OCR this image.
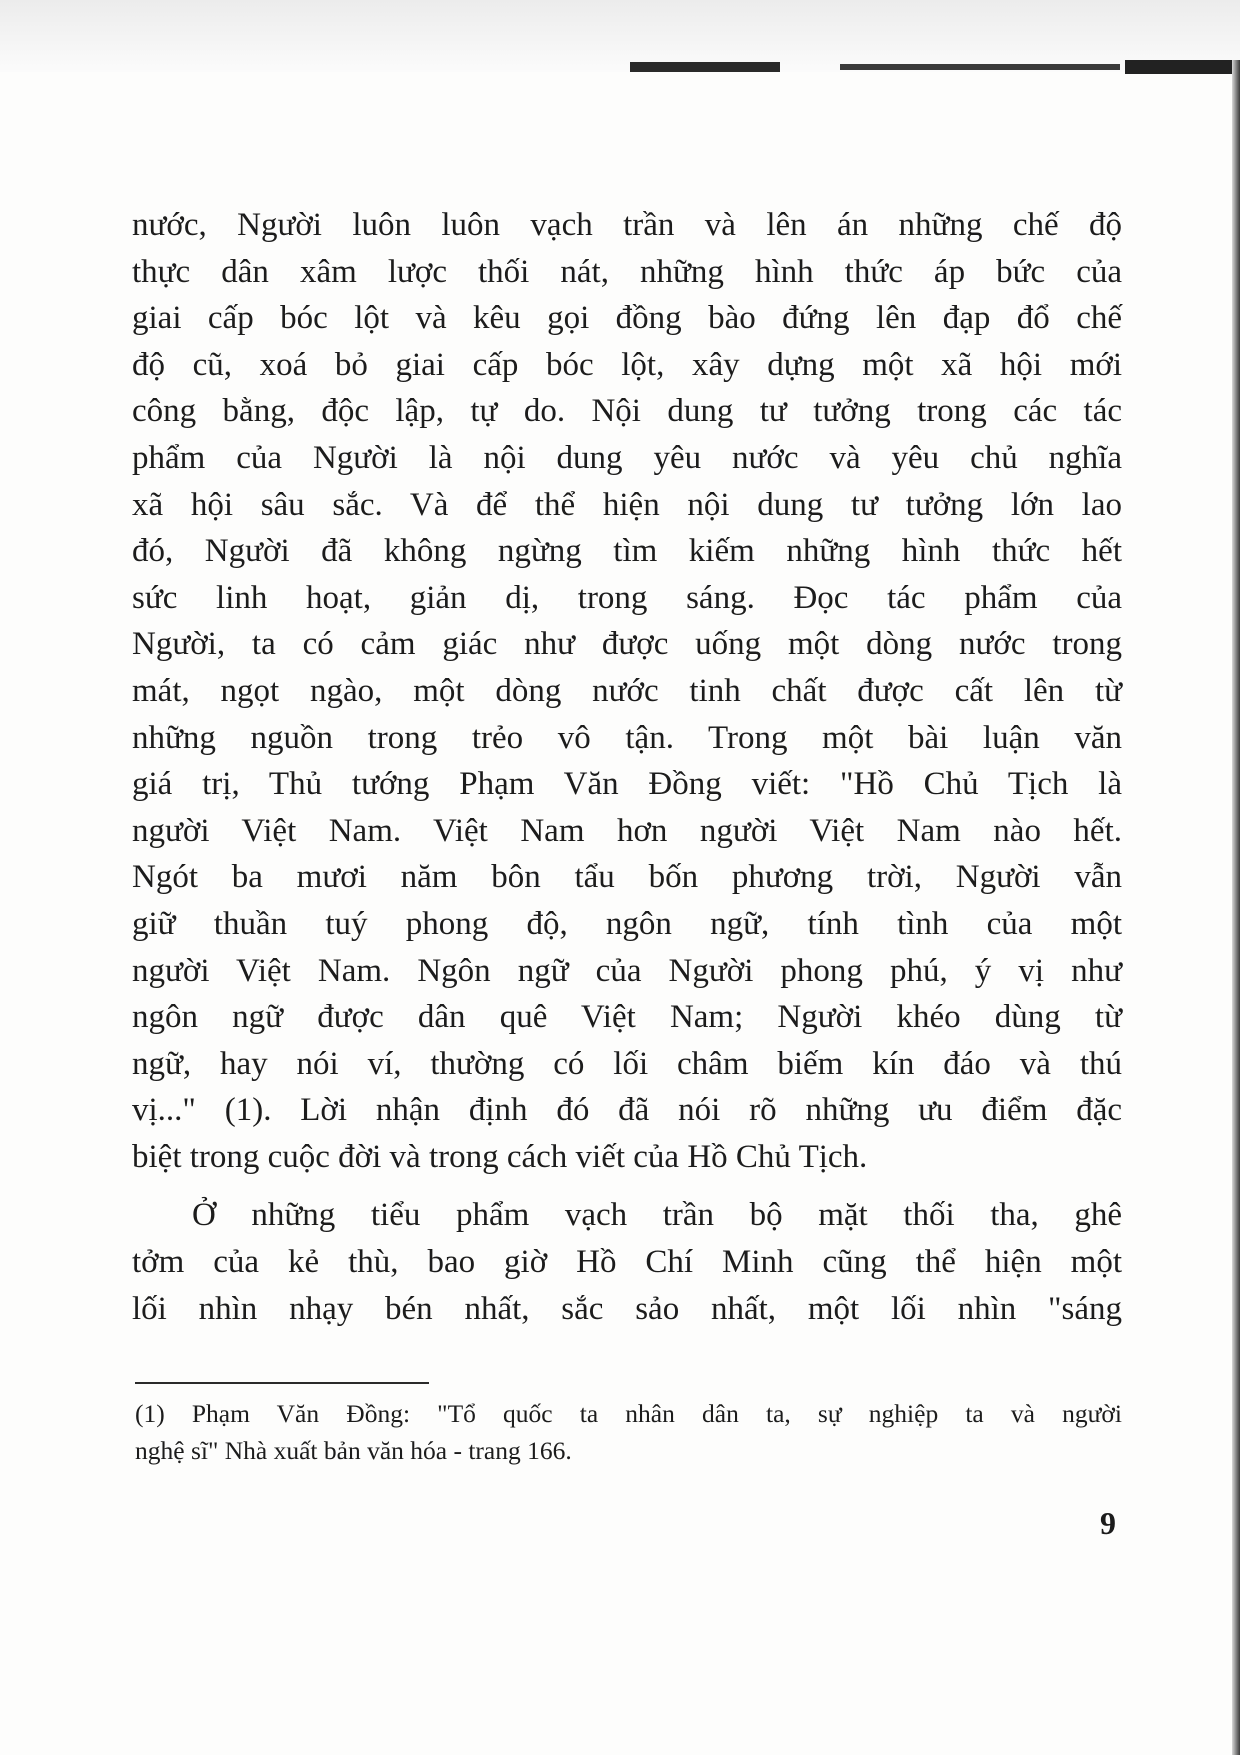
nước, Người luôn luôn vạch trần và lên án những chế độ
thực dân xâm lược thối nát, những hình thức áp bức của
giai cấp bóc lột và kêu gọi đồng bào đứng lên đạp đổ chế
độ cũ, xoá bỏ giai cấp bóc lột, xây dựng một xã hội mới
công bằng, độc lập, tự do. Nội dung tư tưởng trong các tác
phẩm của Người là nội dung yêu nước và yêu chủ nghĩa
xã hội sâu sắc. Và để thể hiện nội dung tư tưởng lớn lao
đó, Người đã không ngừng tìm kiếm những hình thức hết
sức linh hoạt, giản dị, trong sáng. Đọc tác phẩm của
Người, ta có cảm giác như được uống một dòng nước trong
mát, ngọt ngào, một dòng nước tinh chất được cất lên từ
những nguồn trong trẻo vô tận. Trong một bài luận văn
giá trị, Thủ tướng Phạm Văn Đồng viết: "Hồ Chủ Tịch là
người Việt Nam. Việt Nam hơn người Việt Nam nào hết.
Ngót ba mươi năm bôn tẩu bốn phương trời, Người vẫn
giữ thuần tuý phong độ, ngôn ngữ, tính tình của một
người Việt Nam. Ngôn ngữ của Người phong phú, ý vị như
ngôn ngữ được dân quê Việt Nam; Người khéo dùng từ
ngữ, hay nói ví, thường có lối châm biếm kín đáo và thú
vị..." (1). Lời nhận định đó đã nói rõ những ưu điểm đặc
biệt trong cuộc đời và trong cách viết của Hồ Chủ Tịch.
Ở những tiểu phẩm vạch trần bộ mặt thối tha, ghê
tởm của kẻ thù, bao giờ Hồ Chí Minh cũng thể hiện một
lối nhìn nhạy bén nhất, sắc sảo nhất, một lối nhìn "sáng
(1) Phạm Văn Đồng: "Tổ quốc ta nhân dân ta, sự nghiệp ta và người
nghệ sĩ" Nhà xuất bản văn hóa - trang 166.
9
